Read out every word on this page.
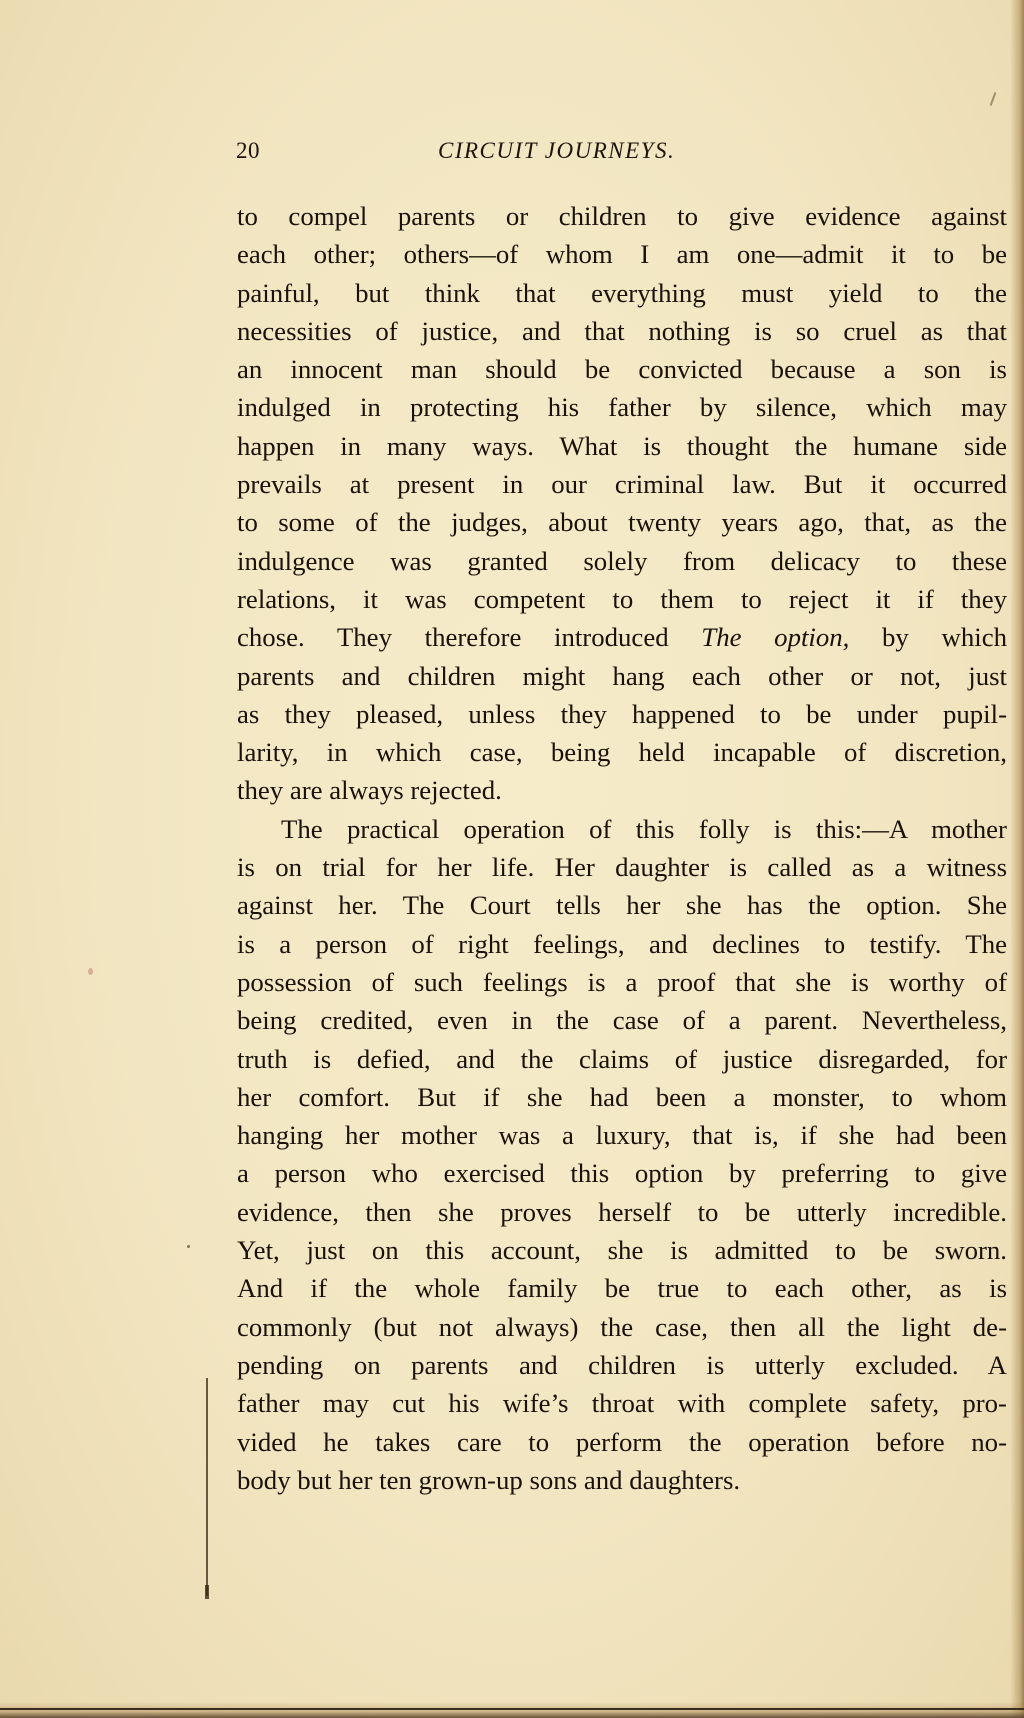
20	CIRCUIT JOURNEYS.
to compel parents or children to give evidence against
each other; others—of whom I am one—admit it to be
painful, but think that everything must yield to the
necessities of justice, and that nothing is so cruel as that
an innocent man should be convicted because a son is
indulged in protecting his father by silence, which may
happen in many ways. What is thought the humane side
prevails at present in our criminal law. But it occurred
to some of the judges, about twenty years ago, that, as the
indulgence was granted solely from delicacy to these
relations, it was competent to them to reject it if they
chose. They therefore introduced The option, by which
parents and children might hang each other or not, just
as they pleased, unless they happened to be under pupil-
larity, in which case, being held incapable of discretion,
they are always rejected.
The practical operation of this folly is this:—A mother
is on trial for her life. Her daughter is called as a witness
against her. The Court tells her she has the option. She
is a person of right feelings, and declines to testify. The
possession of such feelings is a proof that she is worthy of
being credited, even in the case of a parent. Nevertheless,
truth is defied, and the claims of justice disregarded, for
her comfort. But if she had been a monster, to whom
hanging her mother was a luxury, that is, if she had been
a person who exercised this option by preferring to give
evidence, then she proves herself to be utterly incredible.
Yet, just on this account, she is admitted to be sworn.
And if the whole family be true to each other, as is
commonly (but not always) the case, then all the light de-
pending on parents and children is utterly excluded. A
father may cut his wife’s throat with complete safety, pro-
vided he takes care to perform the operation before no-
body but her ten grown-up sons and daughters.
